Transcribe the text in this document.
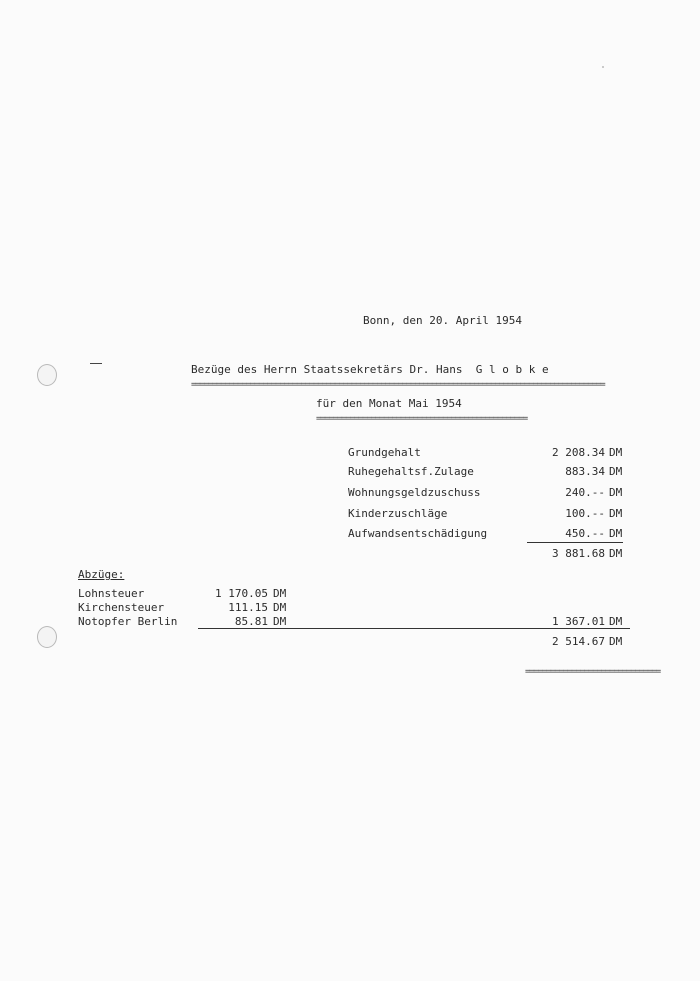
Bonn, den 20. April 1954
Bezüge des Herrn Staatssekretärs Dr. Hans  G l o b k e
==================================================================================================
für den Monat Mai 1954
==================================================
Grundgehalt	2 208.34 DM
Ruhegehaltsf.Zulage	883.34 DM
Wohnungsgeldzuschuss	240.-- DM
Kinderzuschläge	100.-- DM
Aufwandsentschädigung	450.-- DM
3 881.68 DM
Abzüge:
Lohnsteuer	1 170.05 DM
Kirchensteuer	111.15 DM
Notopfer Berlin	85.81 DM	1 367.01 DM
2 514.67 DM
================================
